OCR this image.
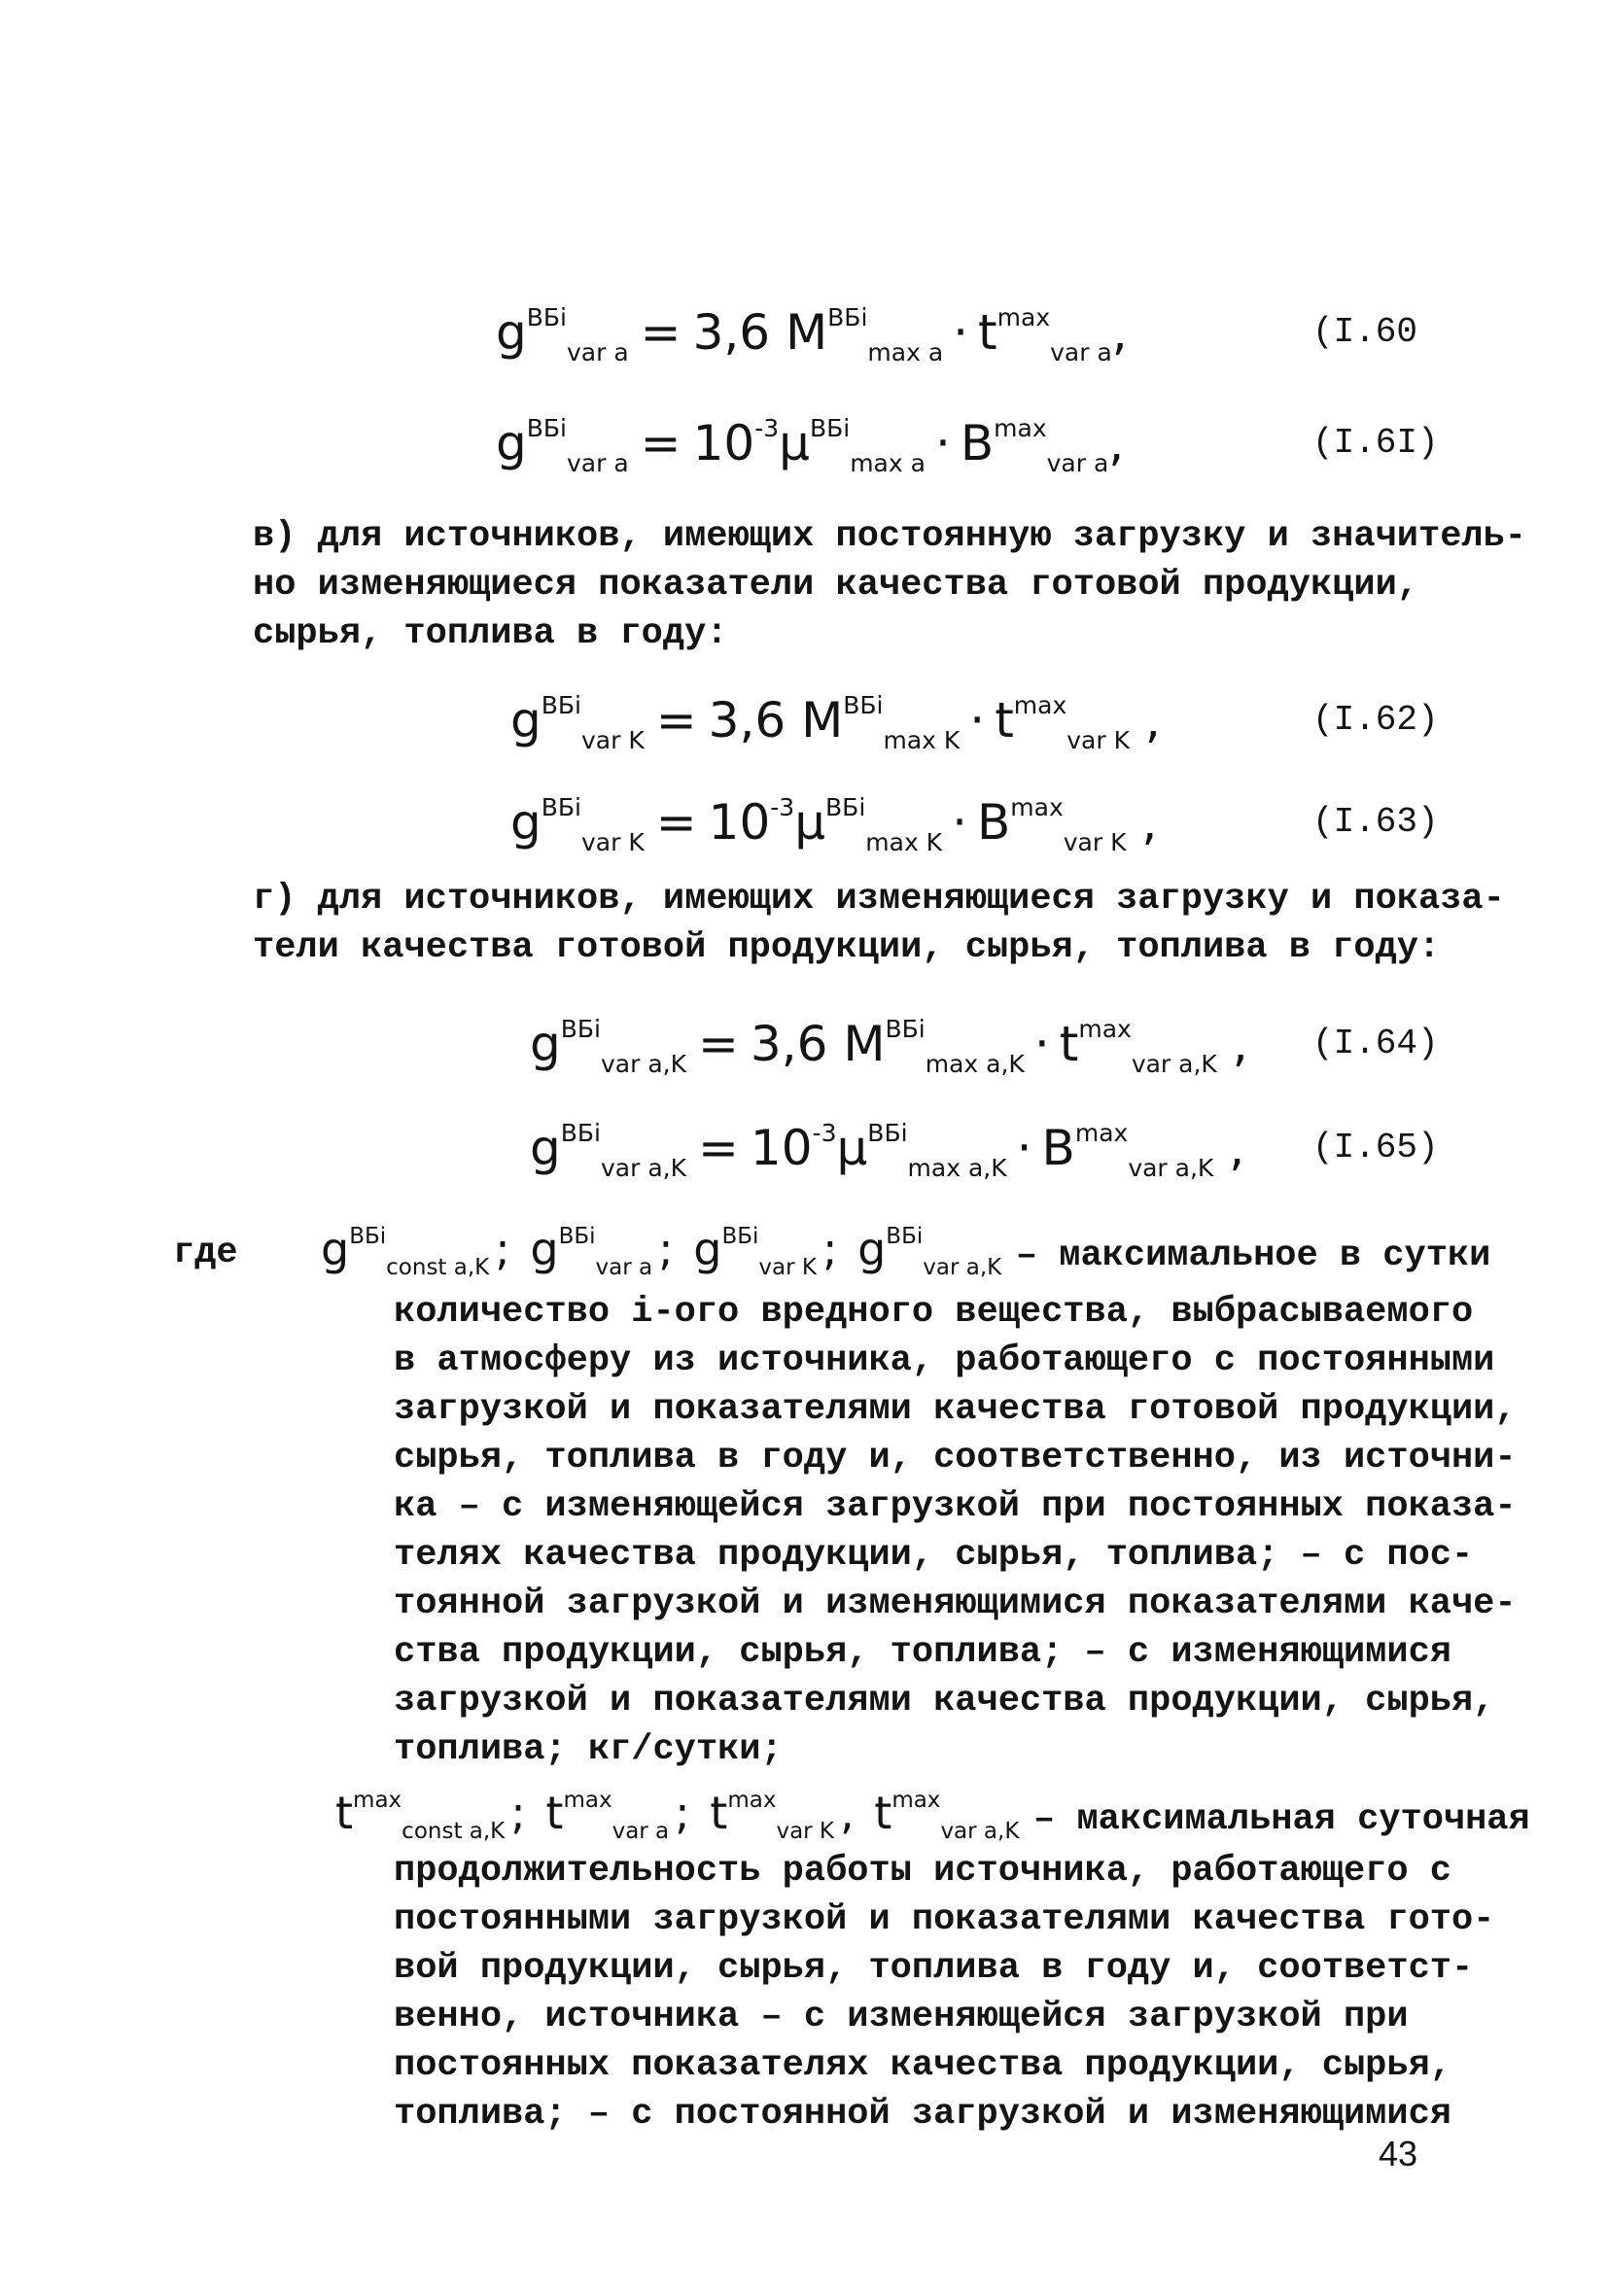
$g^{ВБi}_{var a} = 3,6$ $M^{ВБi}_{max a} \cdot t^{max}_{var a}$,	(I.60
$g^{ВБi}_{var a} = 10^{-3}\mu^{ВБi}_{max a} \cdot B^{max}_{var a}$,	(I.6I)
в) для источников, имеющих постоянную загрузку и значитель-
но изменяющиеся показатели качества готовой продукции,
сырья, топлива в году:
$g^{ВБi}_{var K} = 3,6$ $M^{ВБi}_{max K} \cdot t^{max}_{var K}$ ,	(I.62)
$g^{ВБi}_{var K} = 10^{-3}\mu^{ВБi}_{max K} \cdot B^{max}_{var K}$ ,	(I.63)
г) для источников, имеющих изменяющиеся загрузку и показа-
тели качества готовой продукции, сырья, топлива в году:
$g^{ВБi}_{var a,K} = 3,6$ $M^{ВБi}_{max a,K} \cdot t^{max}_{var a,K}$ , (I.64)
$g^{ВБi}_{var a,K} = 10^{-3}\mu^{ВБi}_{max a,K} \cdot B^{max}_{var a,K}$ , (I.65)
где $g^{ВБi}_{const a,K}$ ; $g^{ВБi}_{var a}$ ; $g^{ВБi}_{var K}$ ; $g^{ВБi}_{var a,K}$ – максимальное в сутки
количество i-ого вредного вещества, выбрасываемого
в атмосферу из источника, работающего с постоянными
загрузкой и показателями качества готовой продукции,
сырья, топлива в году и, соответственно, из источни-
ка – с изменяющейся загрузкой при постоянных показа-
телях качества продукции, сырья, топлива; – с пос-
тоянной загрузкой и изменяющимися показателями каче-
ства продукции, сырья, топлива; – с изменяющимися
загрузкой и показателями качества продукции, сырья,
топлива; кг/сутки;
$t^{max}_{const a,K}$ ; $t^{max}_{var a}$ ; $t^{max}_{var K}$ , $t^{max}_{var a,K}$ – максимальная суточная
продолжительность работы источника, работающего с
постоянными загрузкой и показателями качества гото-
вой продукции, сырья, топлива в году и, соответст-
венно, источника – с изменяющейся загрузкой при
постоянных показателях качества продукции, сырья,
топлива; – с постоянной загрузкой и изменяющимися
43
